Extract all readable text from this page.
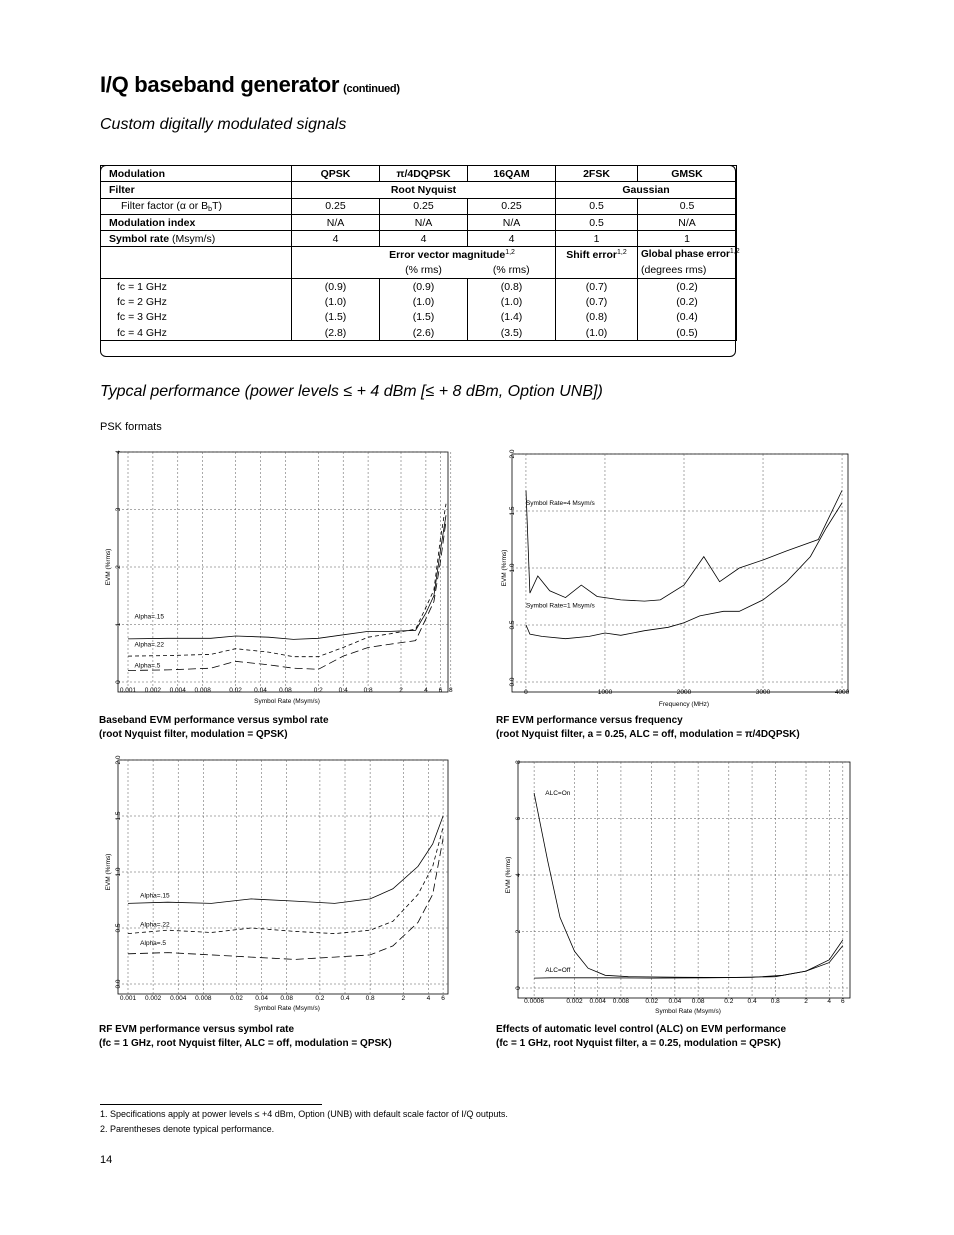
I/Q baseband generator (continued)
Custom digitally modulated signals
Modulation	QPSK	π/4DQPSK	16QAM	2FSK	GMSK
Filter	Root Nyquist			Gaussian	
Filter factor (α or $B_bT$)	0.25	0.25	0.25	0.5	0.5
Modulation index	N/A	N/A	N/A	0.5	N/A
Symbol rate (Msym/s)	4	4	4	1	1
	Error vector magnitude$^{1,2}$			Shift error$^{1,2}$	Global phase error$^{1,2}$
		(% rms)	(% rms)		(degrees rms)
fc = 1 GHz	(0.9)	(0.9)	(0.8)	(0.7)	(0.2)
fc = 2 GHz	(1.0)	(1.0)	(1.0)	(0.7)	(0.2)
fc = 3 GHz	(1.5)	(1.5)	(1.4)	(0.8)	(0.4)
fc = 4 GHz	(2.8)	(2.6)	(3.5)	(1.0)	(0.5)
Typcal performance (power levels ≤ + 4 dBm [≤ + 8 dBm, Option UNB])
PSK formats
0.001 0.002 0.004 0.008	0.02 0.04 0.08	0.2 0.4 0.8	2	4 6 8
0
1
2
3
4
Symbol Rate (Msym/s)
EVM (%rms)
Alpha=.15
Alpha=.22
Alpha=.5
0	1000	2000	3000	4000
0.0
0.5
1.0
1.5
2.0
Frequency (MHz)
EVM (%rms)
Symbol Rate=4 Msym/s
Symbol Rate=1 Msym/s
0.001 0.002 0.004 0.008	0.02 0.04 0.08	0.2 0.4 0.8	2	4 6
0.0
0.5
1.0
1.5
2.0
Symbol Rate (Msym/s)
EVM (%rms)
Alpha=.15
Alpha=.22
Alpha=.5
0.0006	0.002 0.004 0.008 0.02 0.04 0.08	0.2 0.4 0.8	2	4 6
0
2
4
6
8
Symbol Rate (Msym/s)
EVM (%rms)
ALC=On
ALC=Off
Baseband EVM performance versus symbol rate
(root Nyquist filter, modulation = QPSK)
RF EVM performance versus frequency
(root Nyquist filter, a = 0.25, ALC = off, modulation = π/4DQPSK)
RF EVM performance versus symbol rate
(fc = 1 GHz, root Nyquist filter, ALC = off, modulation = QPSK)
Effects of automatic level control (ALC) on EVM performance
(fc = 1 GHz, root Nyquist filter, a = 0.25, modulation = QPSK)
1. Specifications apply at power levels ≤ +4 dBm, Option (UNB) with default scale factor of I/Q outputs.
2. Parentheses denote typical performance.
14
